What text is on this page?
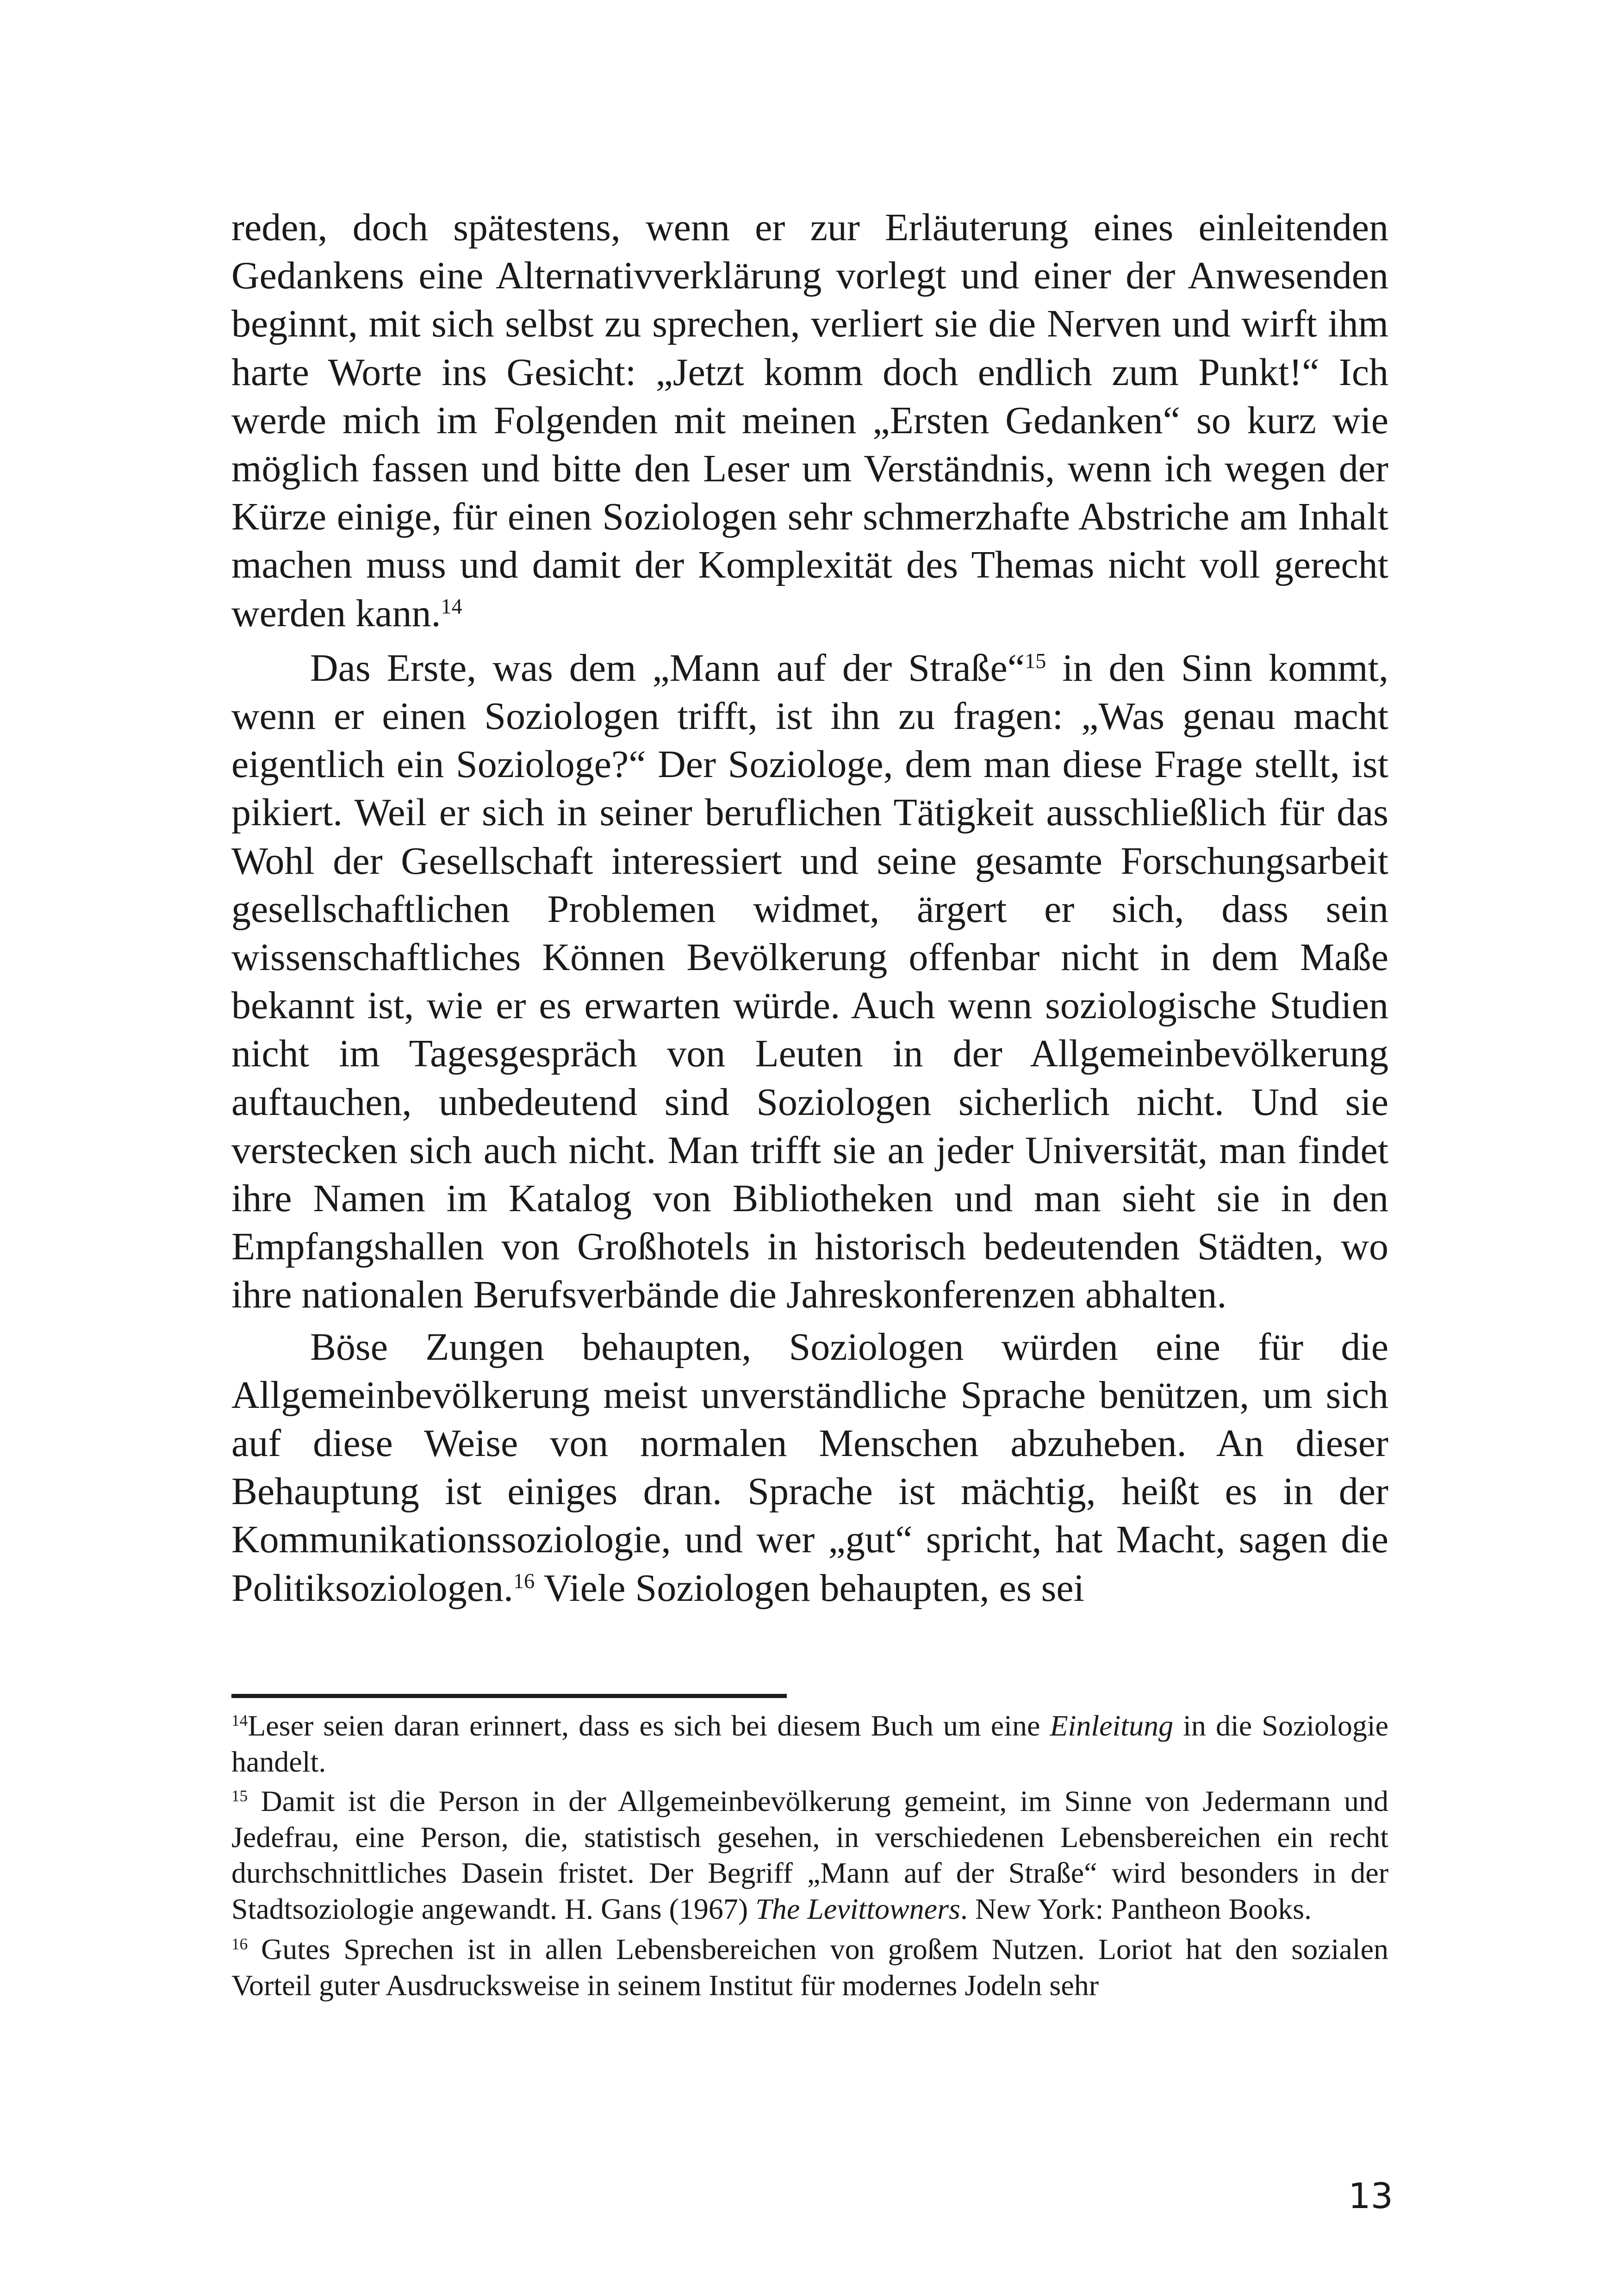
reden, doch spätestens, wenn er zur Erläuterung eines einleitenden Gedankens eine Alternativverklärung vorlegt und einer der Anwesenden beginnt, mit sich selbst zu sprechen, verliert sie die Nerven und wirft ihm harte Worte ins Gesicht: „Jetzt komm doch endlich zum Punkt!“ Ich werde mich im Folgenden mit meinen „Ersten Gedanken“ so kurz wie möglich fassen und bitte den Leser um Verständnis, wenn ich wegen der Kürze einige, für einen Soziologen sehr schmerzhafte Abstriche am Inhalt machen muss und damit der Komplexität des Themas nicht voll gerecht werden kann.$^{14}$

Das Erste, was dem „Mann auf der Straße“$^{15}$ in den Sinn kommt, wenn er einen Soziologen trifft, ist ihn zu fragen: „Was genau macht eigentlich ein Soziologe?“ Der Soziologe, dem man diese Frage stellt, ist pikiert. Weil er sich in seiner beruflichen Tätigkeit ausschließlich für das Wohl der Gesellschaft interessiert und seine gesamte Forschungsarbeit gesellschaftlichen Problemen widmet, ärgert er sich, dass sein wissenschaftliches Können Bevölkerung offenbar nicht in dem Maße bekannt ist, wie er es erwarten würde. Auch wenn soziologische Studien nicht im Tagesgespräch von Leuten in der Allgemeinbevölkerung auftauchen, unbedeutend sind Soziologen sicherlich nicht. Und sie verstecken sich auch nicht. Man trifft sie an jeder Universität, man findet ihre Namen im Katalog von Bibliotheken und man sieht sie in den Empfangshallen von Großhotels in historisch bedeutenden Städten, wo ihre nationalen Berufsverbände die Jahreskonferenzen abhalten.

Böse Zungen behaupten, Soziologen würden eine für die Allgemeinbevölkerung meist unverständliche Sprache benützen, um sich auf diese Weise von normalen Menschen abzuheben. An dieser Behauptung ist einiges dran. Sprache ist mächtig, heißt es in der Kommunikationssoziologie, und wer „gut“ spricht, hat Macht, sagen die Politiksoziologen.$^{16}$ Viele Soziologen behaupten, es sei

$^{14}$Leser seien daran erinnert, dass es sich bei diesem Buch um eine Einleitung in die Soziologie handelt.

$^{15}$ Damit ist die Person in der Allgemeinbevölkerung gemeint, im Sinne von Jedermann und Jedefrau, eine Person, die, statistisch gesehen, in verschiedenen Lebensbereichen ein recht durchschnittliches Dasein fristet. Der Begriff „Mann auf der Straße“ wird besonders in der Stadtsoziologie angewandt. H. Gans (1967) The Levittowners. New York: Pantheon Books.

$^{16}$ Gutes Sprechen ist in allen Lebensbereichen von großem Nutzen. Loriot hat den sozialen Vorteil guter Ausdrucksweise in seinem Institut für modernes Jodeln sehr

13
